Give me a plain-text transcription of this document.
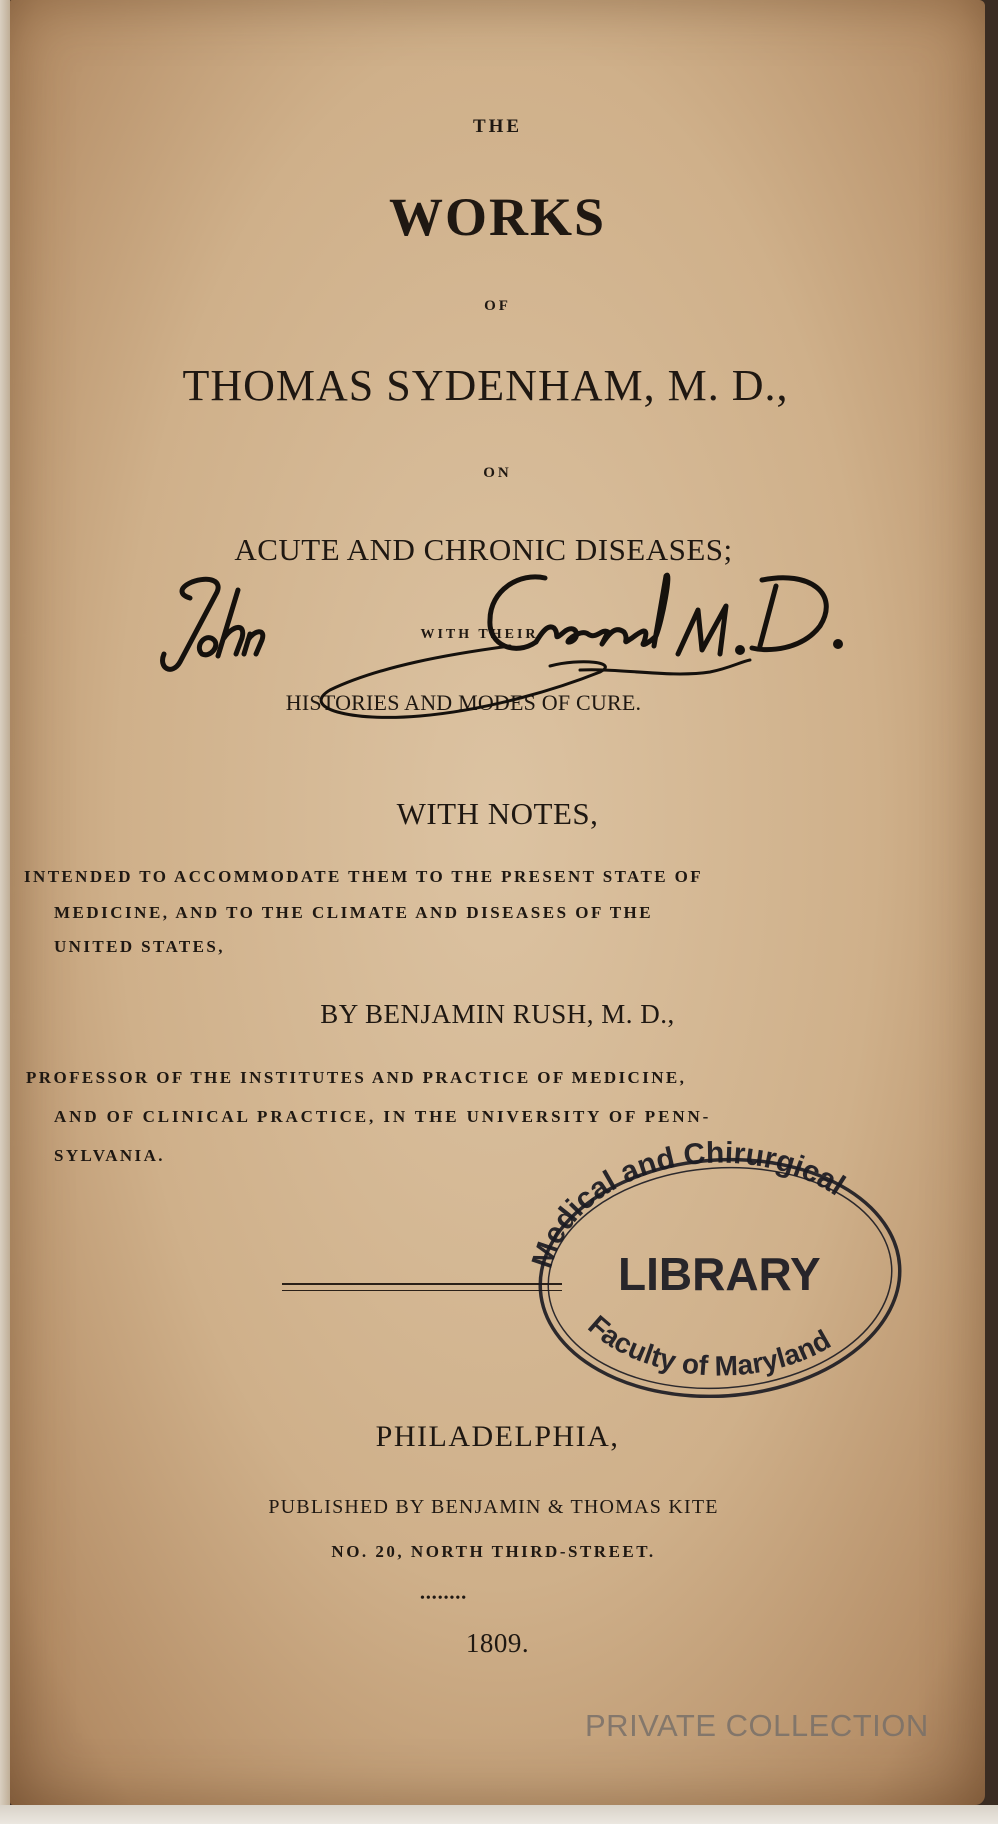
THE
WORKS
OF
THOMAS SYDENHAM, M. D.,
ON
ACUTE AND CHRONIC DISEASES;
WITH THEIR
HISTORIES AND MODES OF CURE.
WITH NOTES,
INTENDED TO ACCOMMODATE THEM TO THE PRESENT STATE OF
MEDICINE, AND TO THE CLIMATE AND DISEASES OF THE
UNITED STATES,
BY BENJAMIN RUSH, M. D.,
PROFESSOR OF THE INSTITUTES AND PRACTICE OF MEDICINE,
AND OF CLINICAL PRACTICE, IN THE UNIVERSITY OF PENN-
SYLVANIA.
PHILADELPHIA,
PUBLISHED BY BENJAMIN & THOMAS KITE
NO. 20, NORTH THIRD-STREET.
••••••••
1809.
Medical and Chirurgical
LIBRARY
Faculty of Maryland
PRIVATE COLLECTION
